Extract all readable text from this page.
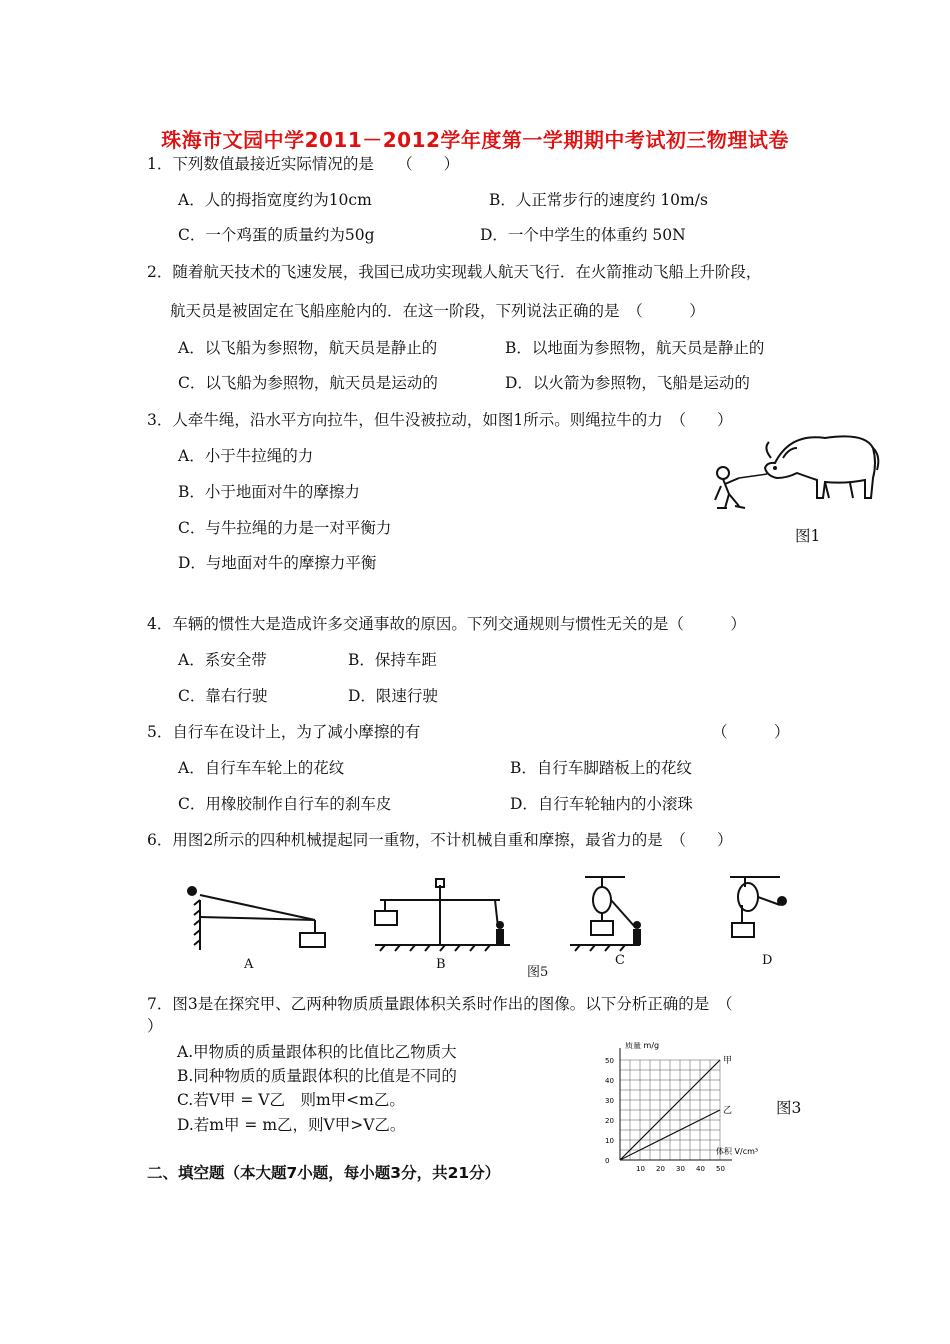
珠海市文园中学2011－2012学年度第一学期期中考试初三物理试卷
1．下列数值最接近实际情况的是　　（　　）
A．人的拇指宽度约为10cm	B．人正常步行的速度约 10m/s
C．一个鸡蛋的质量约为50g	D．一个中学生的体重约 50N
2．随着航天技术的飞速发展，我国已成功实现载人航天飞行．在火箭推动飞船上升阶段，
航天员是被固定在飞船座舱内的．在这一阶段，下列说法正确的是　（　　　）
A．以飞船为参照物，航天员是静止的	B．以地面为参照物，航天员是静止的
C．以飞船为参照物，航天员是运动的	D．以火箭为参照物，飞船是运动的
3．人牵牛绳，沿水平方向拉牛，但牛没被拉动，如图1所示。则绳拉牛的力　（　　）
A．小于牛拉绳的力
B．小于地面对牛的摩擦力
C．与牛拉绳的力是一对平衡力
D．与地面对牛的摩擦力平衡
图1
4．车辆的惯性大是造成许多交通事故的原因。下列交通规则与惯性无关的是（　　　）
A．系安全带	B．保持车距
C．靠右行驶	D．限速行驶
5．自行车在设计上，为了减小摩擦的有	（　　　）
A．自行车车轮上的花纹	B．自行车脚踏板上的花纹
C．用橡胶制作自行车的刹车皮	D．自行车轮轴内的小滚珠
6．用图2所示的四种机械提起同一重物，不计机械自重和摩擦，最省力的是　（　　）
A	B	C	D
图5
7．图3是在探究甲、乙两种物质质量跟体积关系时作出的图像。以下分析正确的是　（
）
A.甲物质的质量跟体积的比值比乙物质大
B.同种物质的质量跟体积的比值是不同的
C.若V甲 = V乙　则m甲<m乙。
D.若m甲 = m乙，则V甲>V乙。
甲
乙
10 20 30 40 50
0
10
20
30
40
50
质量 m/g
体积 V/cm³
图3
二、填空题（本大题7小题，每小题3分，共21分）
